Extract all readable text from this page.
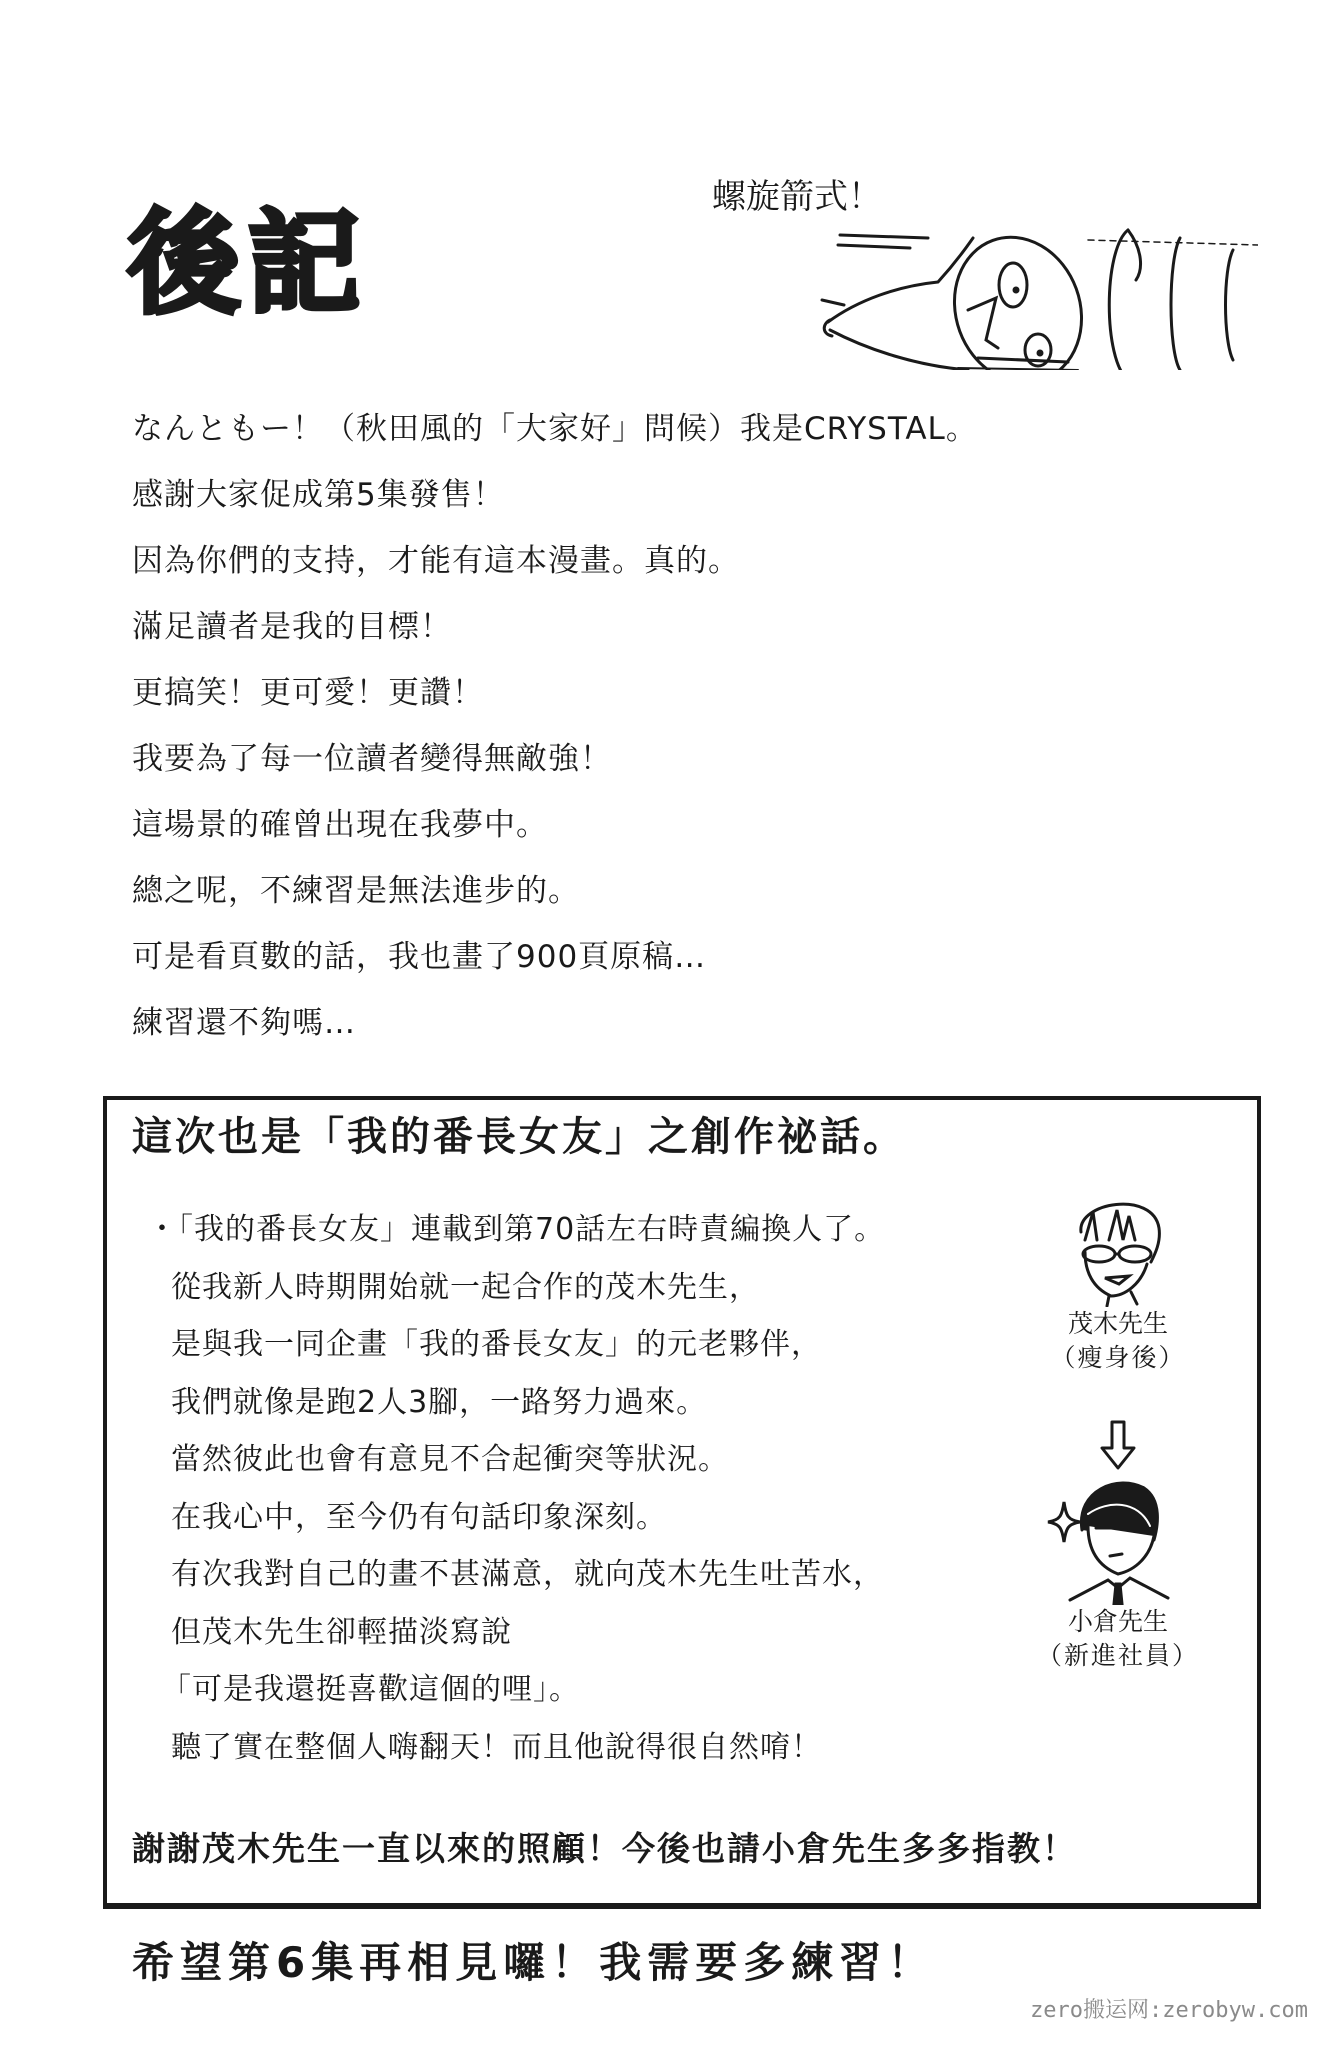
後記
螺旋箭式！
なんともー！（秋田風的「大家好」問候）我是CRYSTAL。
感謝大家促成第5集發售！
因為你們的支持，才能有這本漫畫。真的。
滿足讀者是我的目標！
更搞笑！更可愛！更讚！
我要為了每一位讀者變得無敵強！
這場景的確曾出現在我夢中。
總之呢，不練習是無法進步的。
可是看頁數的話，我也畫了900頁原稿…
練習還不夠嗎…
這次也是「我的番長女友」之創作祕話。
・「我的番長女友」連載到第70話左右時責編換人了。
從我新人時期開始就一起合作的茂木先生，
是與我一同企畫「我的番長女友」的元老夥伴，
我們就像是跑2人3腳，一路努力過來。
當然彼此也會有意見不合起衝突等狀況。
在我心中，至今仍有句話印象深刻。
有次我對自己的畫不甚滿意，就向茂木先生吐苦水，
但茂木先生卻輕描淡寫說
「可是我還挺喜歡這個的哩」。
聽了實在整個人嗨翻天！而且他說得很自然唷！
茂木先生
（瘦身後）
小倉先生
（新進社員）
謝謝茂木先生一直以來的照顧！今後也請小倉先生多多指教！
希望第6集再相見囉！我需要多練習！
zero搬运网:zerobyw.com
